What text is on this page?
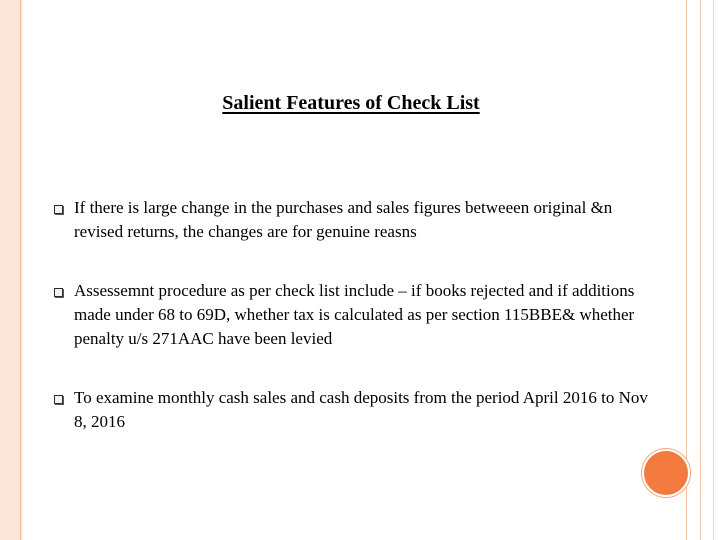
Salient Features of Check List
If there is large change in the purchases and sales figures betweeen original &n revised returns, the changes are for genuine reasns
Assessemnt procedure as per check list include – if books rejected and if additions made under 68 to 69D, whether tax is calculated as per section 115BBE& whether penalty u/s 271AAC have been levied
To examine monthly cash sales and cash deposits from the period April 2016 to Nov 8, 2016
